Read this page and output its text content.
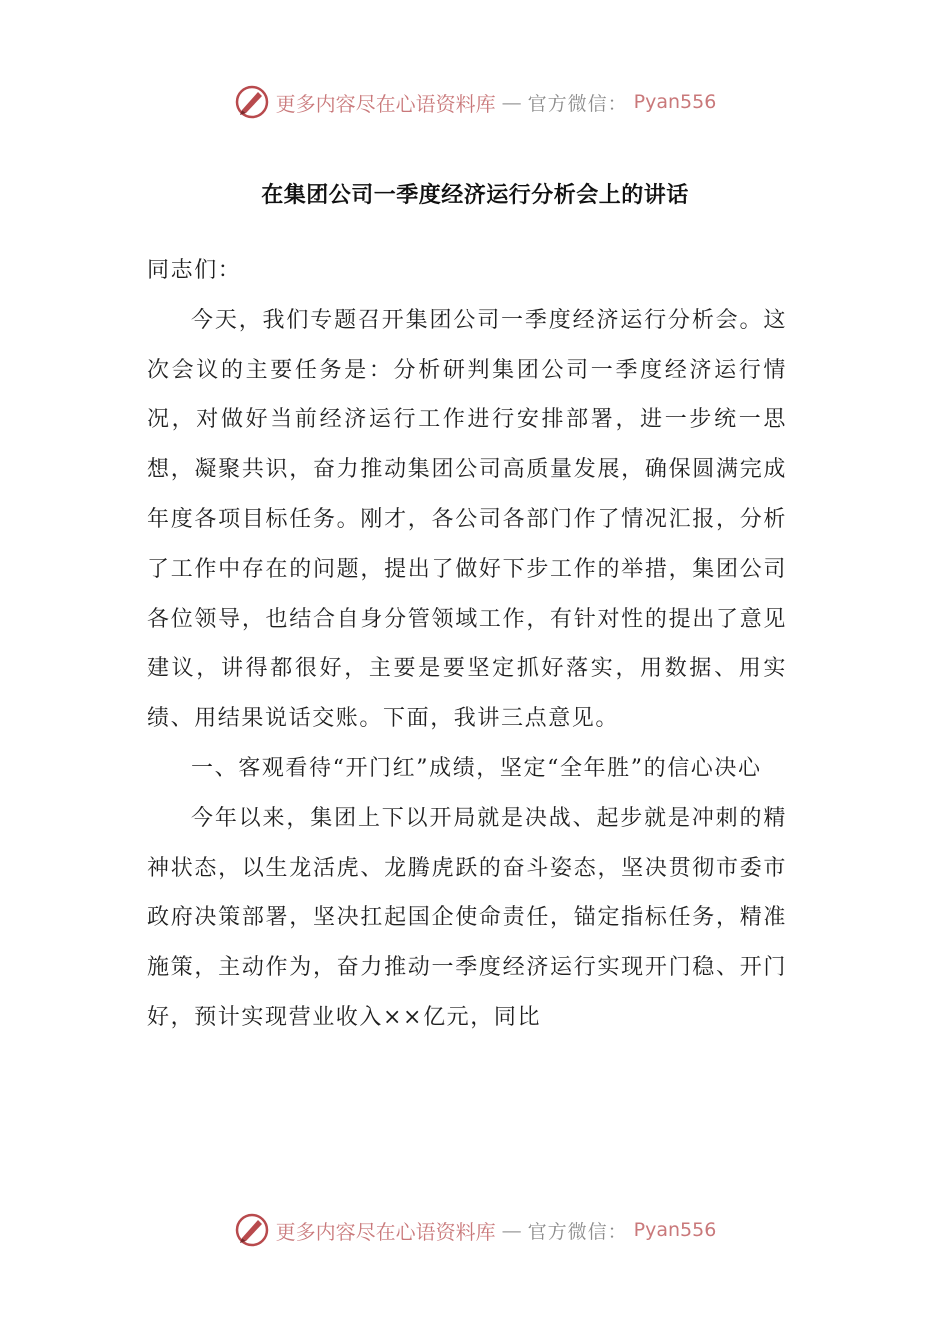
更多内容尽在心语资料库 — 官方微信： Pyan556
在集团公司一季度经济运行分析会上的讲话

同志们：

今天，我们专题召开集团公司一季度经济运行分析会。这次会议的主要任务是：分析研判集团公司一季度经济运行情况，对做好当前经济运行工作进行安排部署，进一步统一思想，凝聚共识，奋力推动集团公司高质量发展，确保圆满完成年度各项目标任务。刚才，各公司各部门作了情况汇报，分析了工作中存在的问题，提出了做好下步工作的举措，集团公司各位领导，也结合自身分管领域工作，有针对性的提出了意见建议，讲得都很好，主要是要坚定抓好落实，用数据、用实绩、用结果说话交账。下面，我讲三点意见。

一、客观看待“开门红”成绩，坚定“全年胜”的信心决心

今年以来，集团上下以开局就是决战、起步就是冲刺的精神状态，以生龙活虎、龙腾虎跃的奋斗姿态，坚决贯彻市委市政府决策部署，坚决扛起国企使命责任，锚定指标任务，精准施策，主动作为，奋力推动一季度经济运行实现开门稳、开门好，预计实现营业收入××亿元，同比

更多内容尽在心语资料库 — 官方微信： Pyan556
